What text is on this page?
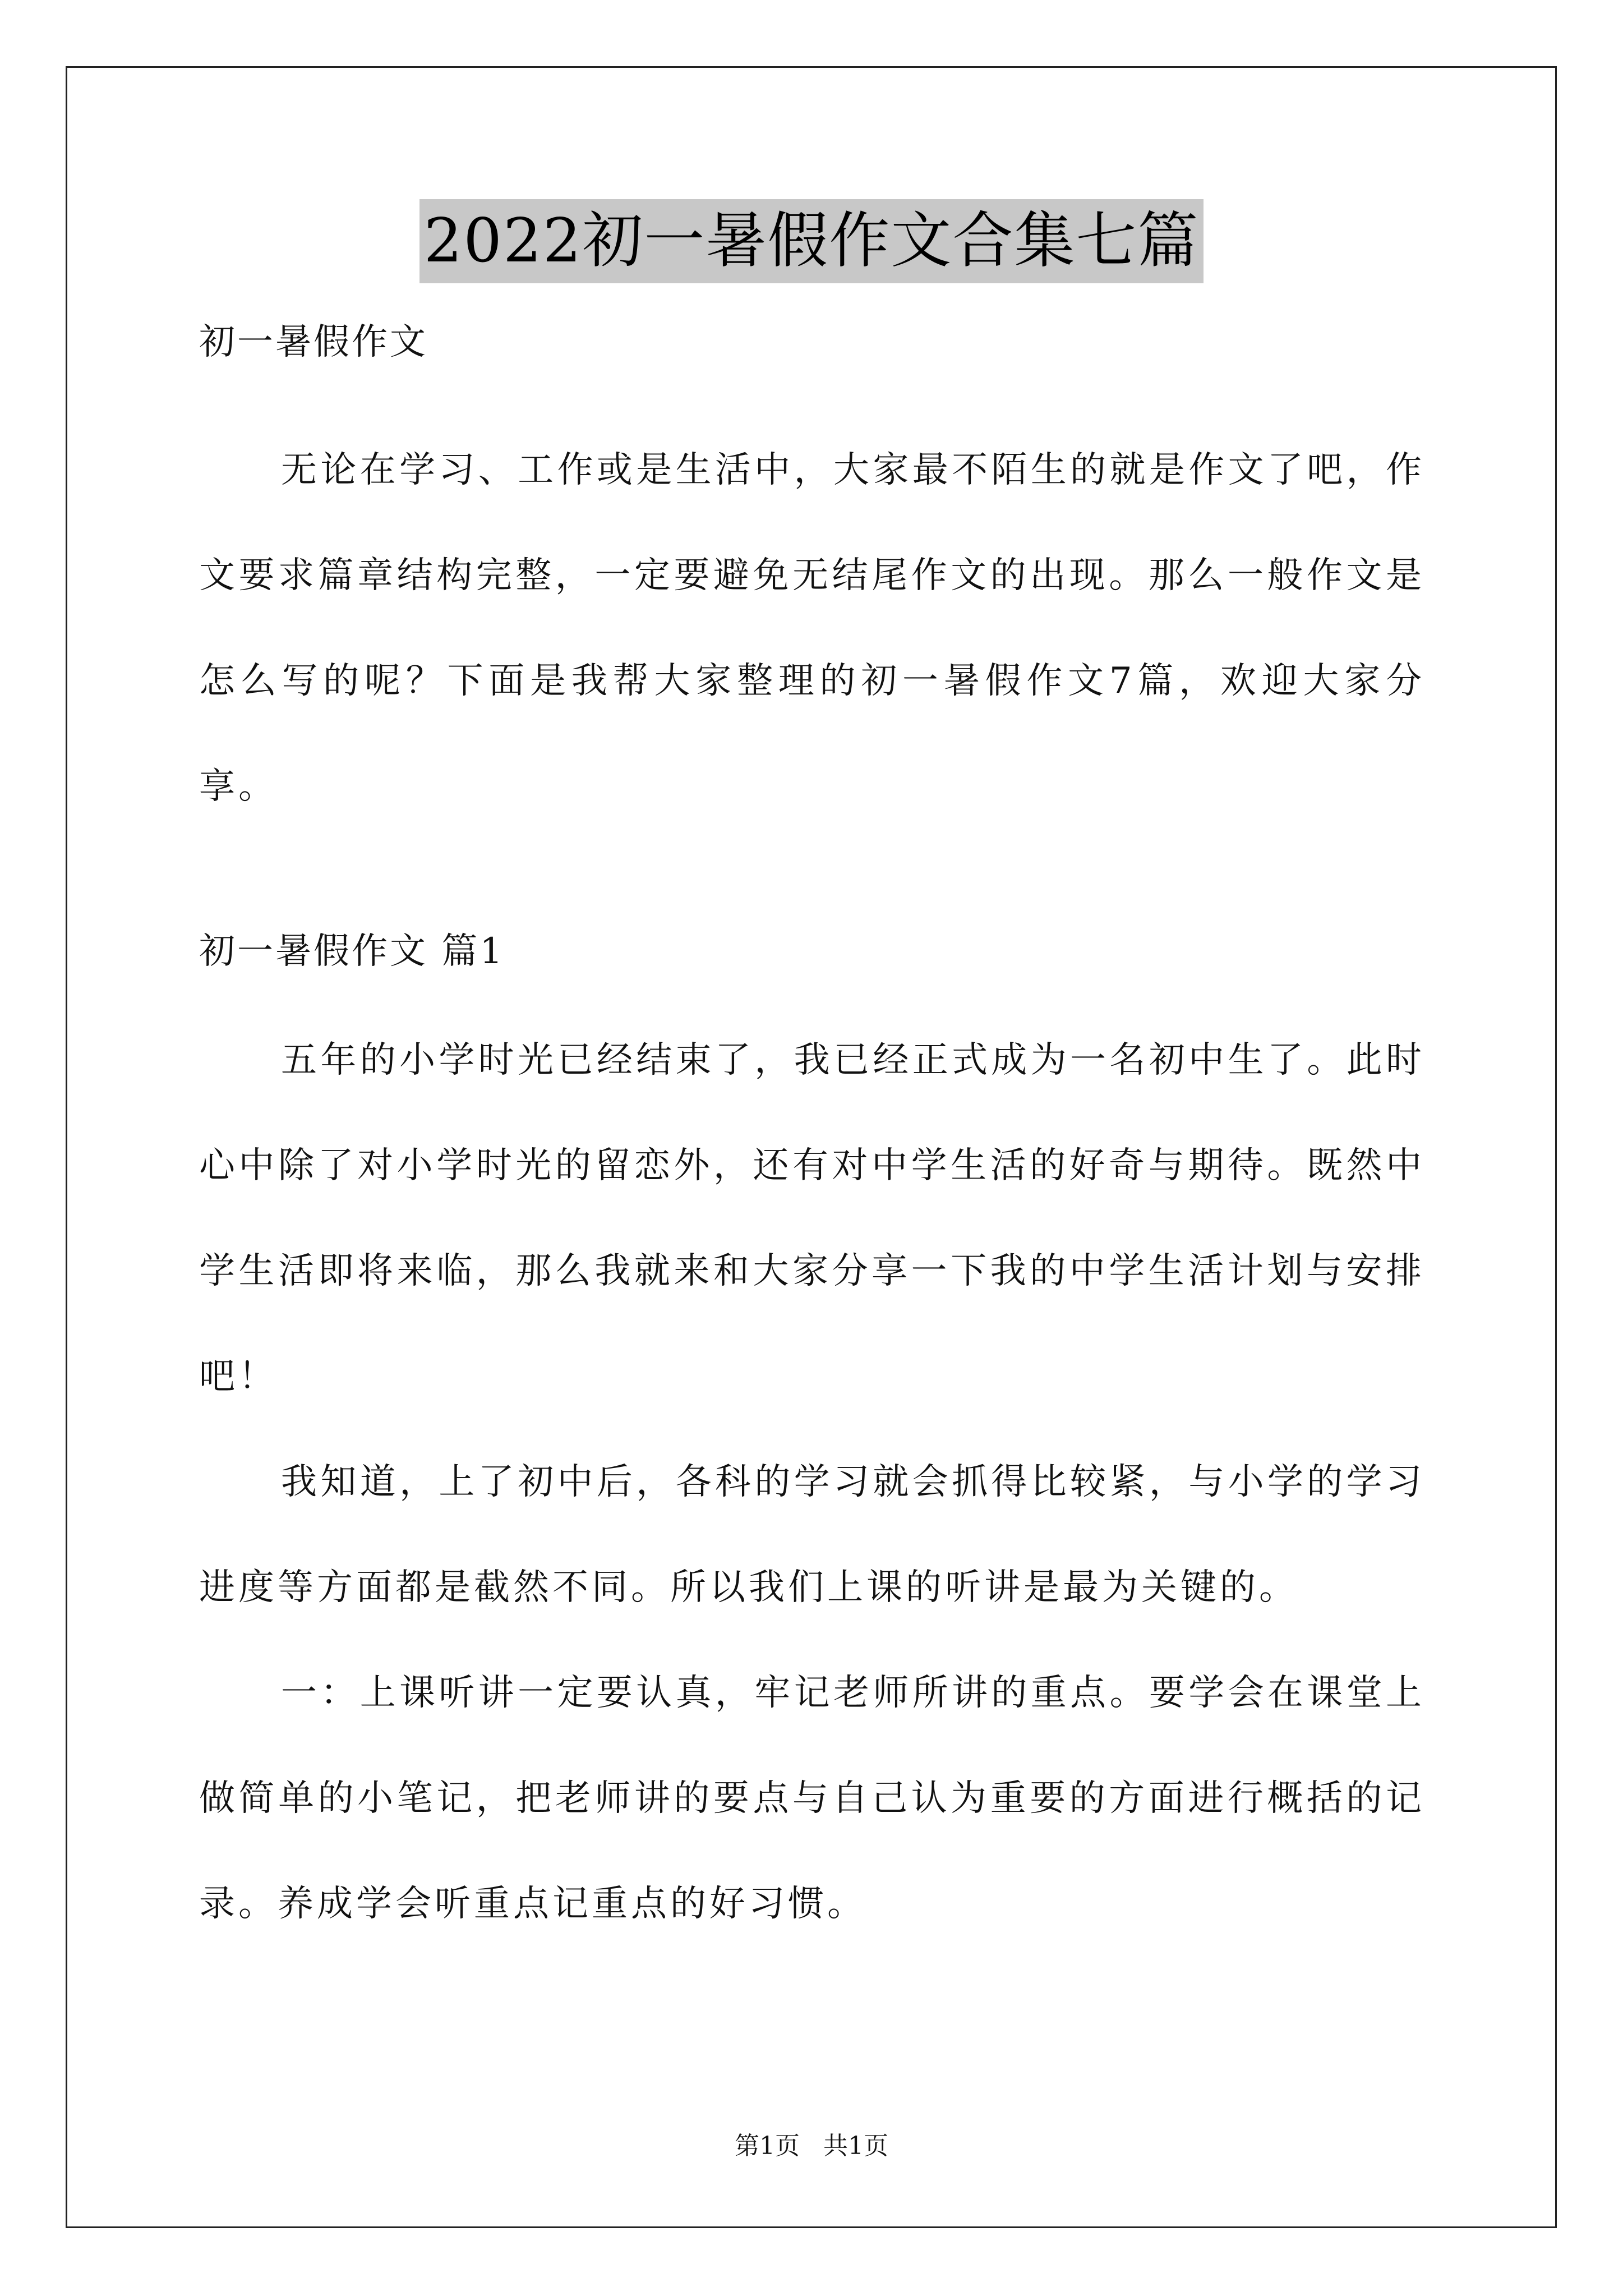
2022初一暑假作文合集七篇

初一暑假作文

无论在学习、工作或是生活中，大家最不陌生的就是作文了吧，作文要求篇章结构完整，一定要避免无结尾作文的出现。那么一般作文是怎么写的呢？下面是我帮大家整理的初一暑假作文7篇，欢迎大家分享。

初一暑假作文 篇1

五年的小学时光已经结束了，我已经正式成为一名初中生了。此时心中除了对小学时光的留恋外，还有对中学生活的好奇与期待。既然中学生活即将来临，那么我就来和大家分享一下我的中学生活计划与安排吧！

我知道，上了初中后，各科的学习就会抓得比较紧，与小学的学习进度等方面都是截然不同。所以我们上课的听讲是最为关键的。

一：上课听讲一定要认真，牢记老师所讲的重点。要学会在课堂上做简单的小笔记，把老师讲的要点与自己认为重要的方面进行概括的记录。养成学会听重点记重点的好习惯。

第1页   共1页
